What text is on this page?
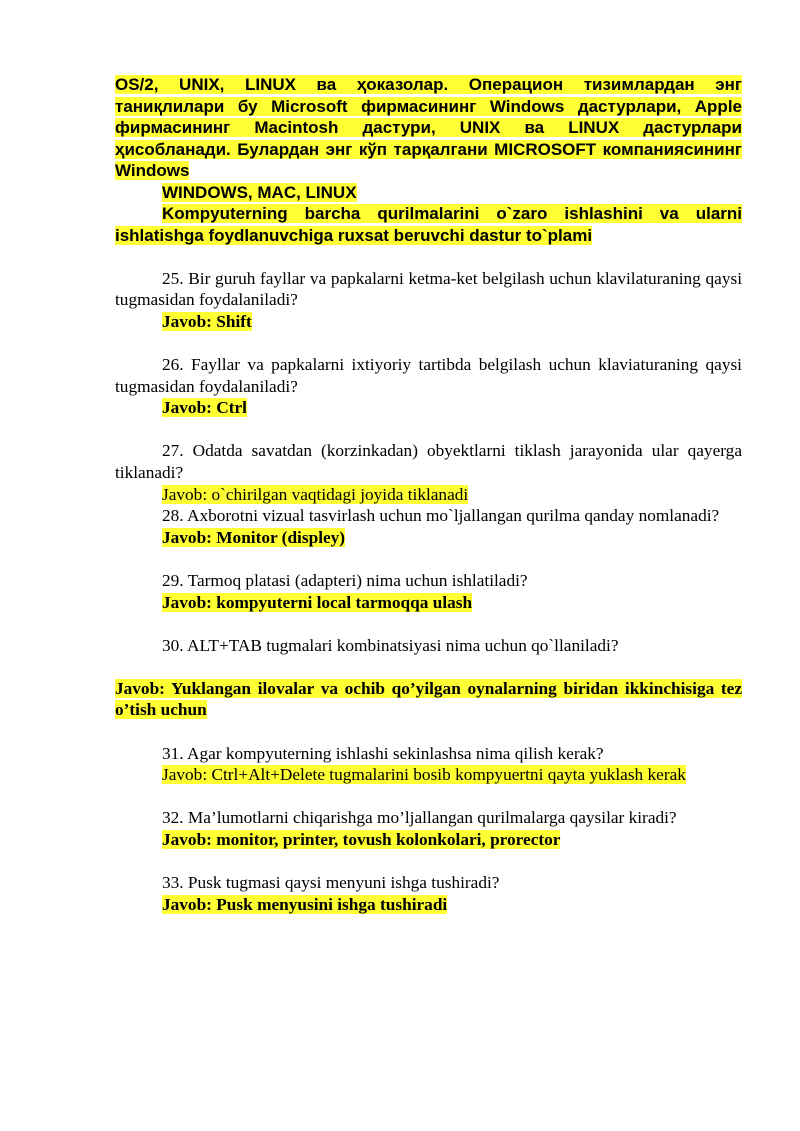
OS/2, UNIX, LINUX ва ҳоказолар. Операцион тизимлардан энг таниқлилари бу Microsoft фирмасининг Windows дастурлари, Apple фирмасининг Macintosh дастури, UNIX ва LINUX дастурлари ҳисобланади. Булардан энг кўп тарқалгани MICROSOFT компаниясининг Windows

WINDOWS, MAC, LINUX

Kompyuterning barcha qurilmalarini o`zaro ishlashini va ularni ishlatishga foydlanuvchiga ruxsat beruvchi dastur to`plami

25. Bir guruh fayllar va papkalarni ketma-ket belgilash uchun klavilaturaning qaysi tugmasidan foydalaniladi?

Javob: Shift

26. Fayllar va papkalarni ixtiyoriy tartibda belgilash uchun klaviaturaning qaysi tugmasidan foydalaniladi?

Javob: Ctrl

27. Odatda savatdan (korzinkadan) obyektlarni tiklash jarayonida ular qayerga tiklanadi?

Javob: o`chirilgan vaqtidagi joyida tiklanadi

28. Axborotni vizual tasvirlash uchun mo`ljallangan qurilma qanday nomlanadi?

Javob: Monitor (displey)

29. Tarmoq platasi (adapteri) nima uchun ishlatiladi?

Javob: kompyuterni local tarmoqqa ulash

30. ALT+TAB tugmalari kombinatsiyasi nima uchun qo`llaniladi?

Javob: Yuklangan ilovalar va ochib qo’yilgan oynalarning biridan ikkinchisiga tez o’tish uchun

31. Agar kompyuterning ishlashi sekinlashsa nima qilish kerak?

Javob: Ctrl+Alt+Delete tugmalarini bosib kompyuertni qayta yuklash kerak

32. Ma’lumotlarni chiqarishga mo’ljallangan qurilmalarga qaysilar kiradi?

Javob: monitor, printer, tovush kolonkolari, prorector

33. Pusk tugmasi qaysi menyuni ishga tushiradi?

Javob: Pusk menyusini ishga tushiradi
